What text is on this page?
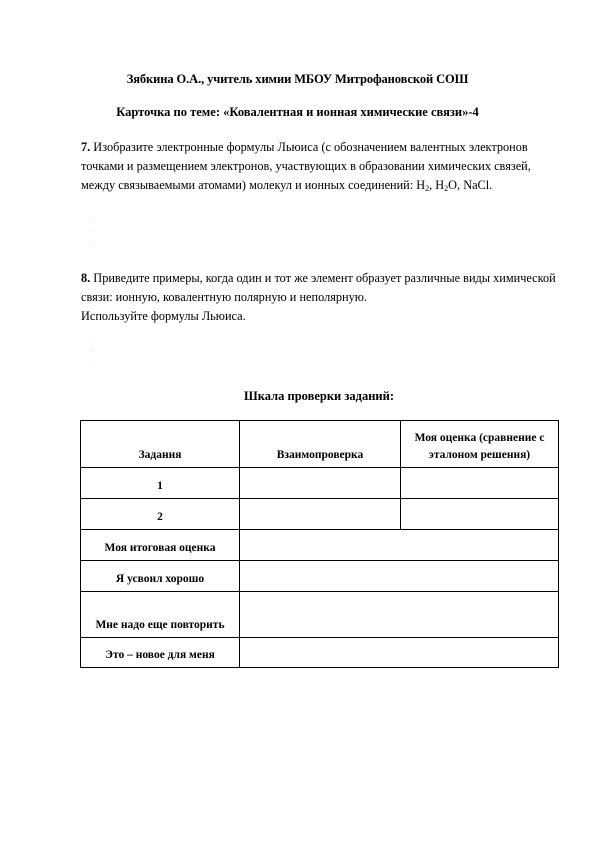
Зябкина О.А., учитель химии МБОУ Митрофановской СОШ
Карточка по теме: «Ковалентная и ионная химические связи»-4

7. Изобразите электронные формулы Льюиса (с обозначением валентных электронов точками и размещением электронов, участвующих в образовании химических связей, между связываемыми атомами) молекул и ионных соединений: $H_2$, $H_2O$, NaCl.

·
·
·

8. Приведите примеры, когда один и тот же элемент образует различные виды химической связи: ионную, ковалентную полярную и неполярную.

Используйте формулы Льюиса.

·
·
·
Шкала проверки заданий:
Задания	Взаимопроверка	Моя оценка (сравнение с эталоном решения)
1		
2		
Моя итоговая оценка		
Я усвоил хорошо		
Мне надо еще повторить		
Это – новое для меня		
